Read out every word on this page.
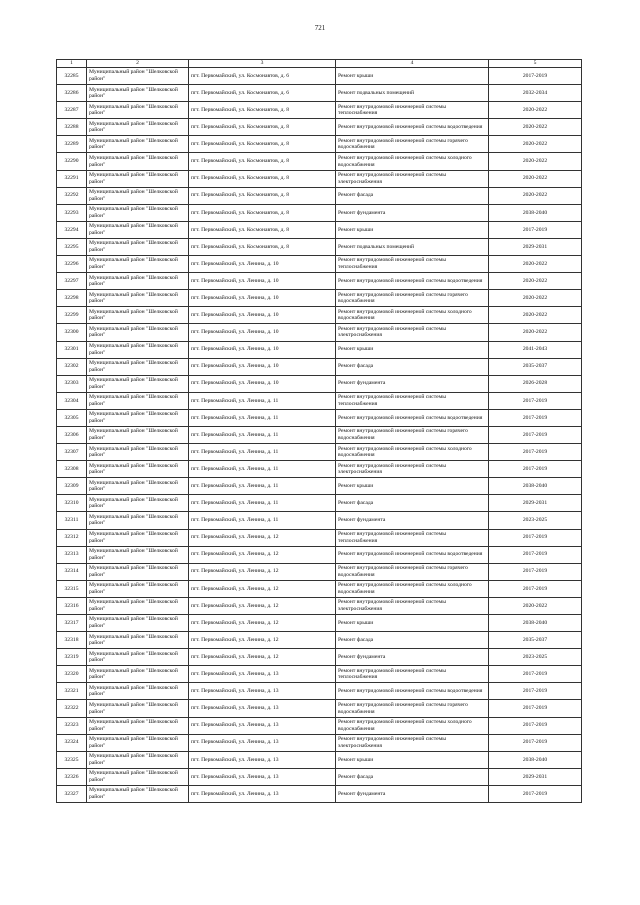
721
1	2	3	4	5
32285	Муниципальный район "Шелковской район"	пгт. Первомайский, ул. Космонавтов, д. 6	Ремонт крыши	2017-2019
32286	Муниципальный район "Шелковской район"	пгт. Первомайский, ул. Космонавтов, д. 6	Ремонт подвальных помещений	2032-2034
32287	Муниципальный район "Шелковской район"	пгт. Первомайский, ул. Космонавтов, д. 8	Ремонт внутридомовой инженерной системы теплоснабжения	2020-2022
32288	Муниципальный район "Шелковской район"	пгт. Первомайский, ул. Космонавтов, д. 8	Ремонт внутридомовой инженерной системы водоотведения	2020-2022
32289	Муниципальный район "Шелковской район"	пгт. Первомайский, ул. Космонавтов, д. 8	Ремонт внутридомовой инженерной системы горячего водоснабжения	2020-2022
32290	Муниципальный район "Шелковской район"	пгт. Первомайский, ул. Космонавтов, д. 8	Ремонт внутридомовой инженерной системы холодного водоснабжения	2020-2022
32291	Муниципальный район "Шелковской район"	пгт. Первомайский, ул. Космонавтов, д. 8	Ремонт внутридомовой инженерной системы электроснабжения	2020-2022
32292	Муниципальный район "Шелковской район"	пгт. Первомайский, ул. Космонавтов, д. 8	Ремонт фасада	2020-2022
32293	Муниципальный район "Шелковской район"	пгт. Первомайский, ул. Космонавтов, д. 8	Ремонт фундамента	2038-2040
32294	Муниципальный район "Шелковской район"	пгт. Первомайский, ул. Космонавтов, д. 8	Ремонт крыши	2017-2019
32295	Муниципальный район "Шелковской район"	пгт. Первомайский, ул. Космонавтов, д. 8	Ремонт подвальных помещений	2029-2031
32296	Муниципальный район "Шелковской район"	пгт. Первомайский, ул. Ленина, д. 10	Ремонт внутридомовой инженерной системы теплоснабжения	2020-2022
32297	Муниципальный район "Шелковской район"	пгт. Первомайский, ул. Ленина, д. 10	Ремонт внутридомовой инженерной системы водоотведения	2020-2022
32298	Муниципальный район "Шелковской район"	пгт. Первомайский, ул. Ленина, д. 10	Ремонт внутридомовой инженерной системы горячего водоснабжения	2020-2022
32299	Муниципальный район "Шелковской район"	пгт. Первомайский, ул. Ленина, д. 10	Ремонт внутридомовой инженерной системы холодного водоснабжения	2020-2022
32300	Муниципальный район "Шелковской район"	пгт. Первомайский, ул. Ленина, д. 10	Ремонт внутридомовой инженерной системы электроснабжения	2020-2022
32301	Муниципальный район "Шелковской район"	пгт. Первомайский, ул. Ленина, д. 10	Ремонт крыши	2041-2043
32302	Муниципальный район "Шелковской район"	пгт. Первомайский, ул. Ленина, д. 10	Ремонт фасада	2035-2037
32303	Муниципальный район "Шелковской район"	пгт. Первомайский, ул. Ленина, д. 10	Ремонт фундамента	2026-2028
32304	Муниципальный район "Шелковской район"	пгт. Первомайский, ул. Ленина, д. 11	Ремонт внутридомовой инженерной системы теплоснабжения	2017-2019
32305	Муниципальный район "Шелковской район"	пгт. Первомайский, ул. Ленина, д. 11	Ремонт внутридомовой инженерной системы водоотведения	2017-2019
32306	Муниципальный район "Шелковской район"	пгт. Первомайский, ул. Ленина, д. 11	Ремонт внутридомовой инженерной системы горячего водоснабжения	2017-2019
32307	Муниципальный район "Шелковской район"	пгт. Первомайский, ул. Ленина, д. 11	Ремонт внутридомовой инженерной системы холодного водоснабжения	2017-2019
32308	Муниципальный район "Шелковской район"	пгт. Первомайский, ул. Ленина, д. 11	Ремонт внутридомовой инженерной системы электроснабжения	2017-2019
32309	Муниципальный район "Шелковской район"	пгт. Первомайский, ул. Ленина, д. 11	Ремонт крыши	2038-2040
32310	Муниципальный район "Шелковской район"	пгт. Первомайский, ул. Ленина, д. 11	Ремонт фасада	2029-2031
32311	Муниципальный район "Шелковской район"	пгт. Первомайский, ул. Ленина, д. 11	Ремонт фундамента	2023-2025
32312	Муниципальный район "Шелковской район"	пгт. Первомайский, ул. Ленина, д. 12	Ремонт внутридомовой инженерной системы теплоснабжения	2017-2019
32313	Муниципальный район "Шелковской район"	пгт. Первомайский, ул. Ленина, д. 12	Ремонт внутридомовой инженерной системы водоотведения	2017-2019
32314	Муниципальный район "Шелковской район"	пгт. Первомайский, ул. Ленина, д. 12	Ремонт внутридомовой инженерной системы горячего водоснабжения	2017-2019
32315	Муниципальный район "Шелковской район"	пгт. Первомайский, ул. Ленина, д. 12	Ремонт внутридомовой инженерной системы холодного водоснабжения	2017-2019
32316	Муниципальный район "Шелковской район"	пгт. Первомайский, ул. Ленина, д. 12	Ремонт внутридомовой инженерной системы электроснабжения	2020-2022
32317	Муниципальный район "Шелковской район"	пгт. Первомайский, ул. Ленина, д. 12	Ремонт крыши	2038-2040
32318	Муниципальный район "Шелковской район"	пгт. Первомайский, ул. Ленина, д. 12	Ремонт фасада	2035-2037
32319	Муниципальный район "Шелковской район"	пгт. Первомайский, ул. Ленина, д. 12	Ремонт фундамента	2023-2025
32320	Муниципальный район "Шелковской район"	пгт. Первомайский, ул. Ленина, д. 13	Ремонт внутридомовой инженерной системы теплоснабжения	2017-2019
32321	Муниципальный район "Шелковской район"	пгт. Первомайский, ул. Ленина, д. 13	Ремонт внутридомовой инженерной системы водоотведения	2017-2019
32322	Муниципальный район "Шелковской район"	пгт. Первомайский, ул. Ленина, д. 13	Ремонт внутридомовой инженерной системы горячего водоснабжения	2017-2019
32323	Муниципальный район "Шелковской район"	пгт. Первомайский, ул. Ленина, д. 13	Ремонт внутридомовой инженерной системы холодного водоснабжения	2017-2019
32324	Муниципальный район "Шелковской район"	пгт. Первомайский, ул. Ленина, д. 13	Ремонт внутридомовой инженерной системы электроснабжения	2017-2019
32325	Муниципальный район "Шелковской район"	пгт. Первомайский, ул. Ленина, д. 13	Ремонт крыши	2038-2040
32326	Муниципальный район "Шелковской район"	пгт. Первомайский, ул. Ленина, д. 13	Ремонт фасада	2029-2031
32327	Муниципальный район "Шелковской район"	пгт. Первомайский, ул. Ленина, д. 13	Ремонт фундамента	2017-2019
